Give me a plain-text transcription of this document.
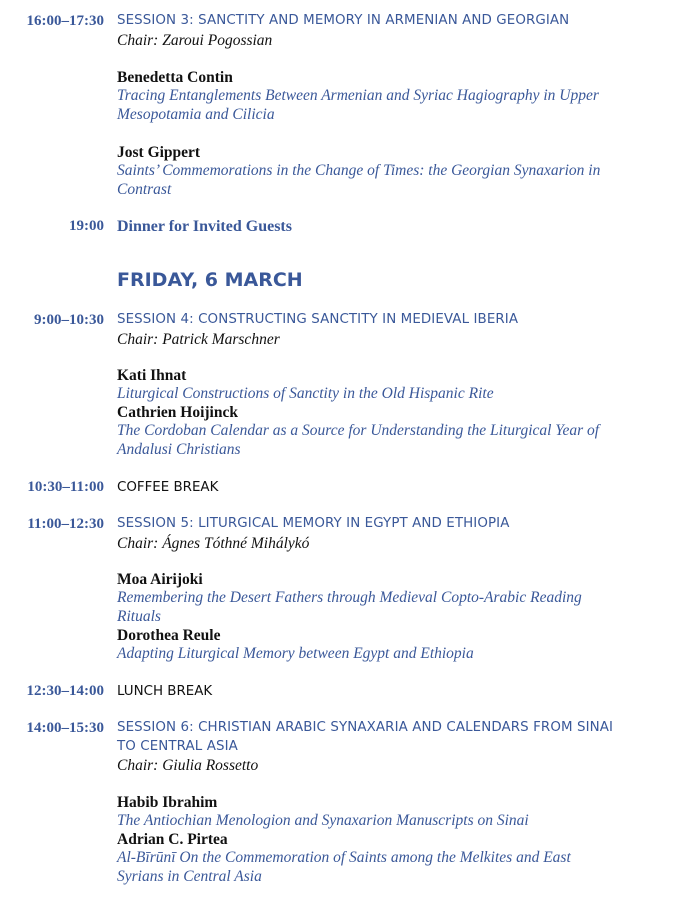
16:00–17:30 SESSION 3: SANCTITY AND MEMORY IN ARMENIAN AND GEORGIAN
Chair: Zaroui Pogossian
Benedetta Contin
Tracing Entanglements Between Armenian and Syriac Hagiography in Upper
Mesopotamia and Cilicia
Jost Gippert
Saints’ Commemorations in the Change of Times: the Georgian Synaxarion in
Contrast
19:00 Dinner for Invited Guests
FRIDAY, 6 MARCH
9:00–10:30 SESSION 4: CONSTRUCTING SANCTITY IN MEDIEVAL IBERIA
Chair: Patrick Marschner
Kati Ihnat
Liturgical Constructions of Sanctity in the Old Hispanic Rite
Cathrien Hoijinck
The Cordoban Calendar as a Source for Understanding the Liturgical Year of
Andalusi Christians
10:30–11:00 COFFEE BREAK
11:00–12:30 SESSION 5: LITURGICAL MEMORY IN EGYPT AND ETHIOPIA
Chair: Ágnes Tóthné Mihálykó
Moa Airijoki
Remembering the Desert Fathers through Medieval Copto-Arabic Reading
Rituals
Dorothea Reule
Adapting Liturgical Memory between Egypt and Ethiopia
12:30–14:00 LUNCH BREAK
14:00–15:30 SESSION 6: CHRISTIAN ARABIC SYNAXARIA AND CALENDARS FROM SINAI
TO CENTRAL ASIA
Chair: Giulia Rossetto
Habib Ibrahim
The Antiochian Menologion and Synaxarion Manuscripts on Sinai
Adrian C. Pirtea
Al-Bīrūnī On the Commemoration of Saints among the Melkites and East
Syrians in Central Asia
